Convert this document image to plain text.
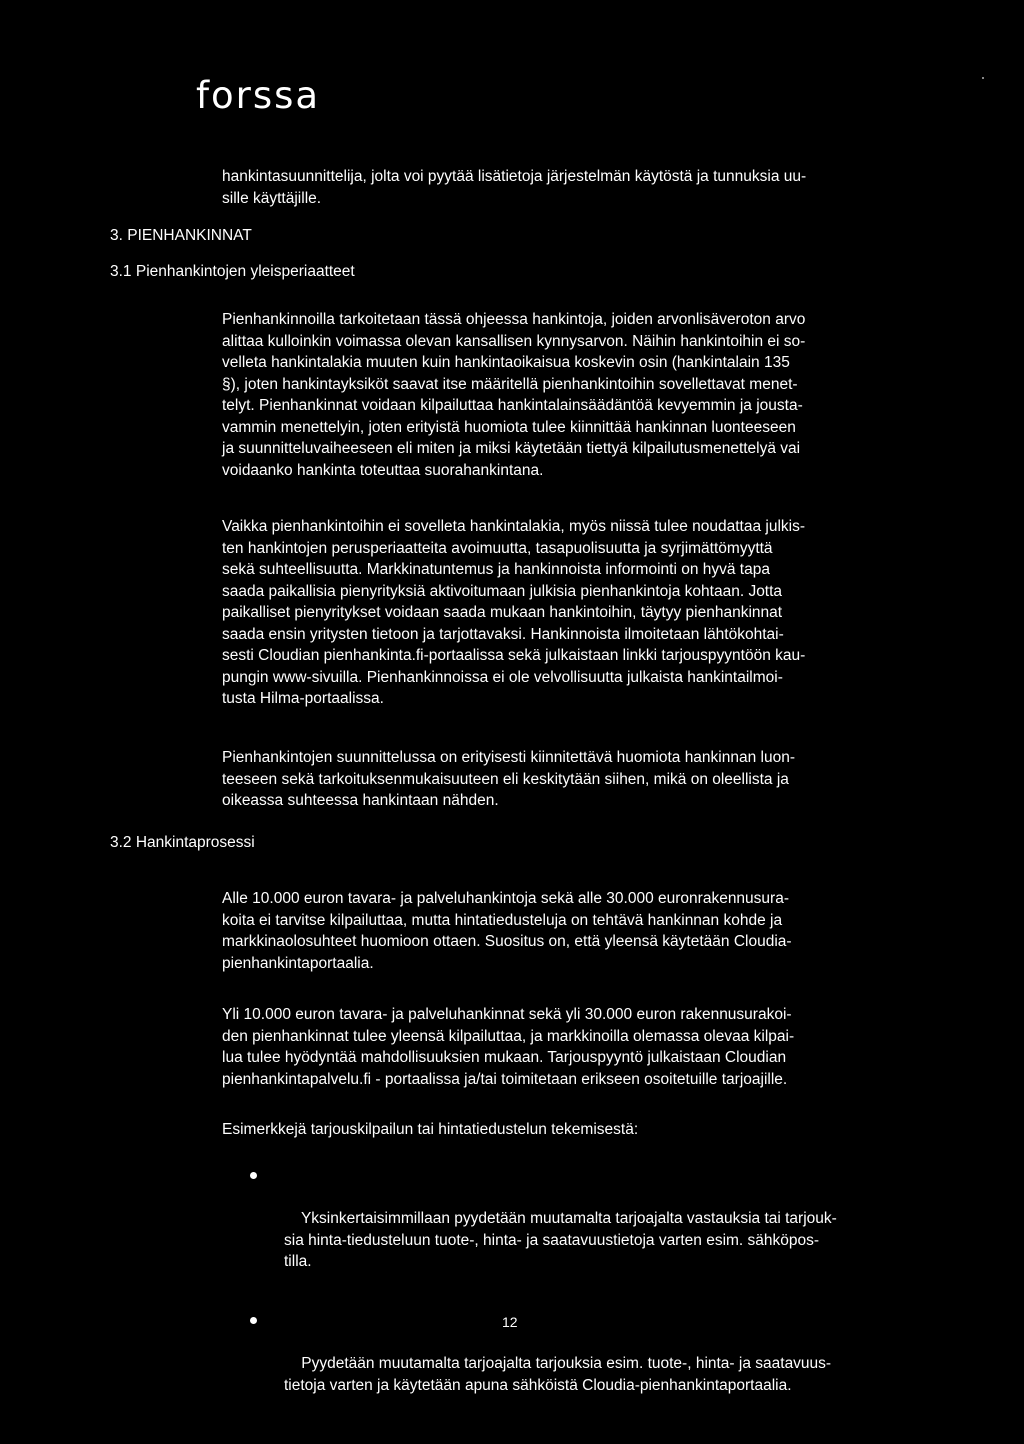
forssa
hankintasuunnittelija, jolta voi pyytää lisätietoja järjestelmän käytöstä ja tunnuksia uu-
sille käyttäjille.
3. PIENHANKINNAT
3.1 Pienhankintojen yleisperiaatteet
Pienhankinnoilla tarkoitetaan tässä ohjeessa hankintoja, joiden arvonlisäveroton arvo
alittaa kulloinkin voimassa olevan kansallisen kynnysarvon. Näihin hankintoihin ei so-
velleta hankintalakia muuten kuin hankintaoikaisua koskevin osin (hankintalain 135
§), joten hankintayksiköt saavat itse määritellä pienhankintoihin sovellettavat menet-
telyt. Pienhankinnat voidaan kilpailuttaa hankintalainsäädäntöä kevyemmin ja jousta-
vammin menettelyin, joten erityistä huomiota tulee kiinnittää hankinnan luonteeseen
ja suunnitteluvaiheeseen eli miten ja miksi käytetään tiettyä kilpailutusmenettelyä vai
voidaanko hankinta toteuttaa suorahankintana.
Vaikka pienhankintoihin ei sovelleta hankintalakia, myös niissä tulee noudattaa julkis-
ten hankintojen perusperiaatteita avoimuutta, tasapuolisuutta ja syrjimättömyyttä
sekä suhteellisuutta. Markkinatuntemus ja hankinnoista informointi on hyvä tapa
saada paikallisia pienyrityksiä aktivoitumaan julkisia pienhankintoja kohtaan. Jotta
paikalliset pienyritykset voidaan saada mukaan hankintoihin, täytyy pienhankinnat
saada ensin yritysten tietoon ja tarjottavaksi. Hankinnoista ilmoitetaan lähtökohtai-
sesti Cloudian pienhankinta.fi-portaalissa sekä julkaistaan linkki tarjouspyyntöön kau-
pungin www-sivuilla. Pienhankinnoissa ei ole velvollisuutta julkaista hankintailmoi-
tusta Hilma-portaalissa.
Pienhankintojen suunnittelussa on erityisesti kiinnitettävä huomiota hankinnan luon-
teeseen sekä tarkoituksenmukaisuuteen eli keskitytään siihen, mikä on oleellista ja
oikeassa suhteessa hankintaan nähden.
3.2 Hankintaprosessi
Alle 10.000 euron tavara- ja palveluhankintoja sekä alle 30.000 euronrakennusura-
koita ei tarvitse kilpailuttaa, mutta hintatiedusteluja on tehtävä hankinnan kohde ja
markkinaolosuhteet huomioon ottaen. Suositus on, että yleensä käytetään Cloudia-
pienhankintaportaalia.
Yli 10.000 euron tavara- ja palveluhankinnat sekä yli 30.000 euron rakennusurakoi-
den pienhankinnat tulee yleensä kilpailuttaa, ja markkinoilla olemassa olevaa kilpai-
lua tulee hyödyntää mahdollisuuksien mukaan. Tarjouspyyntö julkaistaan Cloudian
pienhankintapalvelu.fi - portaalissa ja/tai toimitetaan erikseen osoitetuille tarjoajille.
Esimerkkejä tarjouskilpailun tai hintatiedustelun tekemisestä:

Yksinkertaisimmillaan pyydetään muutamalta tarjoajalta vastauksia tai tarjouk-
sia hinta-tiedusteluun tuote-, hinta- ja saatavuustietoja varten esim. sähköpos-
tilla.

Pyydetään muutamalta tarjoajalta tarjouksia esim. tuote-, hinta- ja saatavuus-
tietoja varten ja käytetään apuna sähköistä Cloudia-pienhankintaportaalia.

12
